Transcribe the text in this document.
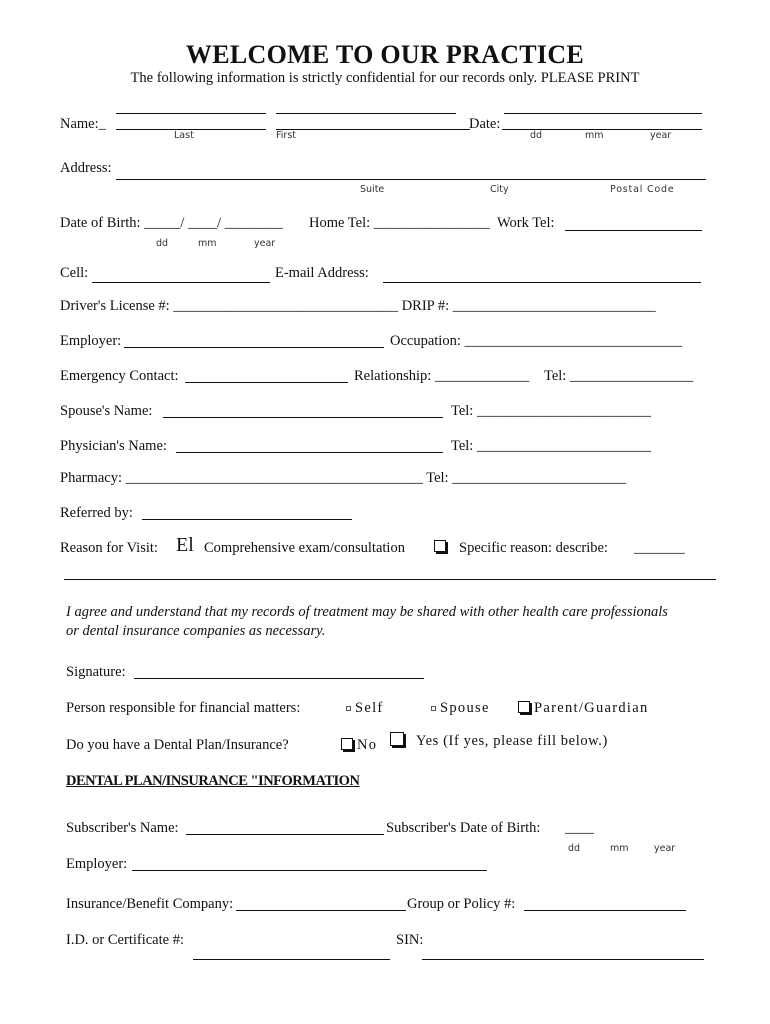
WELCOME TO OUR PRACTICE
The following information is strictly confidential for our records only. PLEASE PRINT
Name:_	Date:
Last	First	dd	mm	year
Address:
Suite	City	Postal Code
Date of Birth: _____/ ____/ ________
dd	mm	year
Home Tel: ________________ Work Tel:
Cell:	E-mail Address:
Driver's License #: _______________________________ DRIP #: ____________________________
Employer:	Occupation: ______________________________
Emergency Contact:	Relationship: _____________ Tel: _________________
Spouse's Name:	Tel: ________________________
Physician's Name:	Tel: ________________________
Pharmacy: _________________________________________ Tel: ________________________
Referred by:
Reason for Visit: El Comprehensive exam/consultation	Specific reason: describe: _______
I agree and understand that my records of treatment may be shared with other health care professionals
or dental insurance companies as necessary.
Signature:
Person responsible for financial matters:	Self	Spouse	Parent/Guardian
Do you have a Dental Plan/Insurance?	No	Yes (If yes, please fill below.)
DENTAL PLAN/INSURANCE "INFORMATION
Subscriber's Name:	Subscriber's Date of Birth: ____
dd	mm	year
Employer:
Insurance/Benefit Company:	Group or Policy #:
I.D. or Certificate #:	SIN:
